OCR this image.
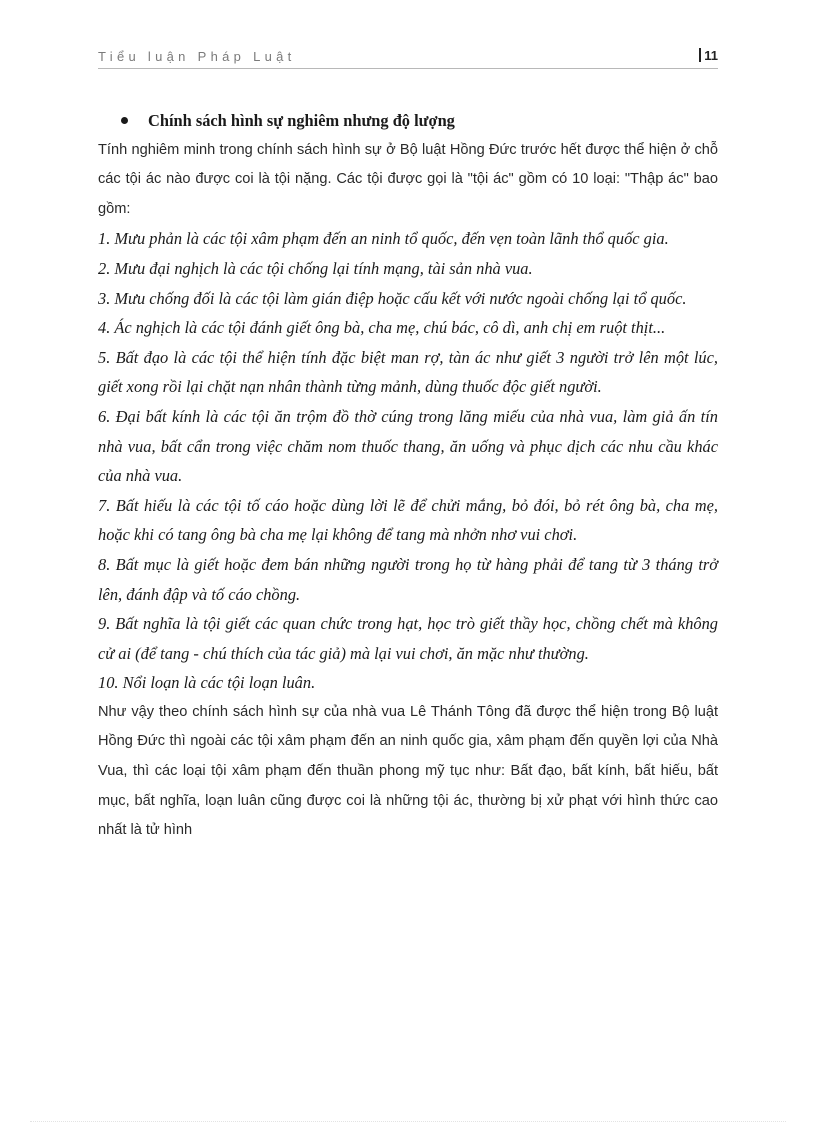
Tiểu luận Pháp Luật	11

Chính sách hình sự nghiêm nhưng độ lượng

Tính nghiêm minh trong chính sách hình sự ở Bộ luật Hồng Đức trước hết được thể hiện ở chỗ các tội ác nào được coi là tội nặng. Các tội được gọi là "tội ác" gồm có 10 loại: "Thập ác" bao gồm:

1. Mưu phản là các tội xâm phạm đến an ninh tổ quốc, đến vẹn toàn lãnh thổ quốc gia.

2. Mưu đại nghịch là các tội chống lại tính mạng, tài sản nhà vua.

3. Mưu chống đối là các tội làm gián điệp hoặc cấu kết với nước ngoài chống lại tổ quốc.

4. Ác nghịch là các tội đánh giết ông bà, cha mẹ, chú bác, cô dì, anh chị em ruột thịt...

5. Bất đạo là các tội thể hiện tính đặc biệt man rợ, tàn ác như giết 3 người trở lên một lúc, giết xong rồi lại chặt nạn nhân thành từng mảnh, dùng thuốc độc giết người.

6. Đại bất kính là các tội ăn trộm đồ thờ cúng trong lăng miếu của nhà vua, làm giả ấn tín nhà vua, bất cẩn trong việc chăm nom thuốc thang, ăn uống và phục dịch các nhu cầu khác của nhà vua.

7. Bất hiếu là các tội tố cáo hoặc dùng lời lẽ để chửi mắng, bỏ đói, bỏ rét ông bà, cha mẹ, hoặc khi có tang ông bà cha mẹ lại không để tang mà nhởn nhơ vui chơi.

8. Bất mục là giết hoặc đem bán những người trong họ từ hàng phải để tang từ 3 tháng trở lên, đánh đập và tố cáo chồng.

9. Bất nghĩa là tội giết các quan chức trong hạt, học trò giết thầy học, chồng chết mà không cử ai (để tang - chú thích của tác giả) mà lại vui chơi, ăn mặc như thường.

10. Nổi loạn là các tội loạn luân.

Như vậy theo chính sách hình sự của nhà vua Lê Thánh Tông đã được thể hiện trong Bộ luật Hồng Đức thì ngoài các tội xâm phạm đến an ninh quốc gia, xâm phạm đến quyền lợi của Nhà Vua, thì các loại tội xâm phạm đến thuần phong mỹ tục như: Bất đạo, bất kính, bất hiếu, bất mục, bất nghĩa, loạn luân cũng được coi là những tội ác, thường bị xử phạt với hình thức cao nhất là tử hình
